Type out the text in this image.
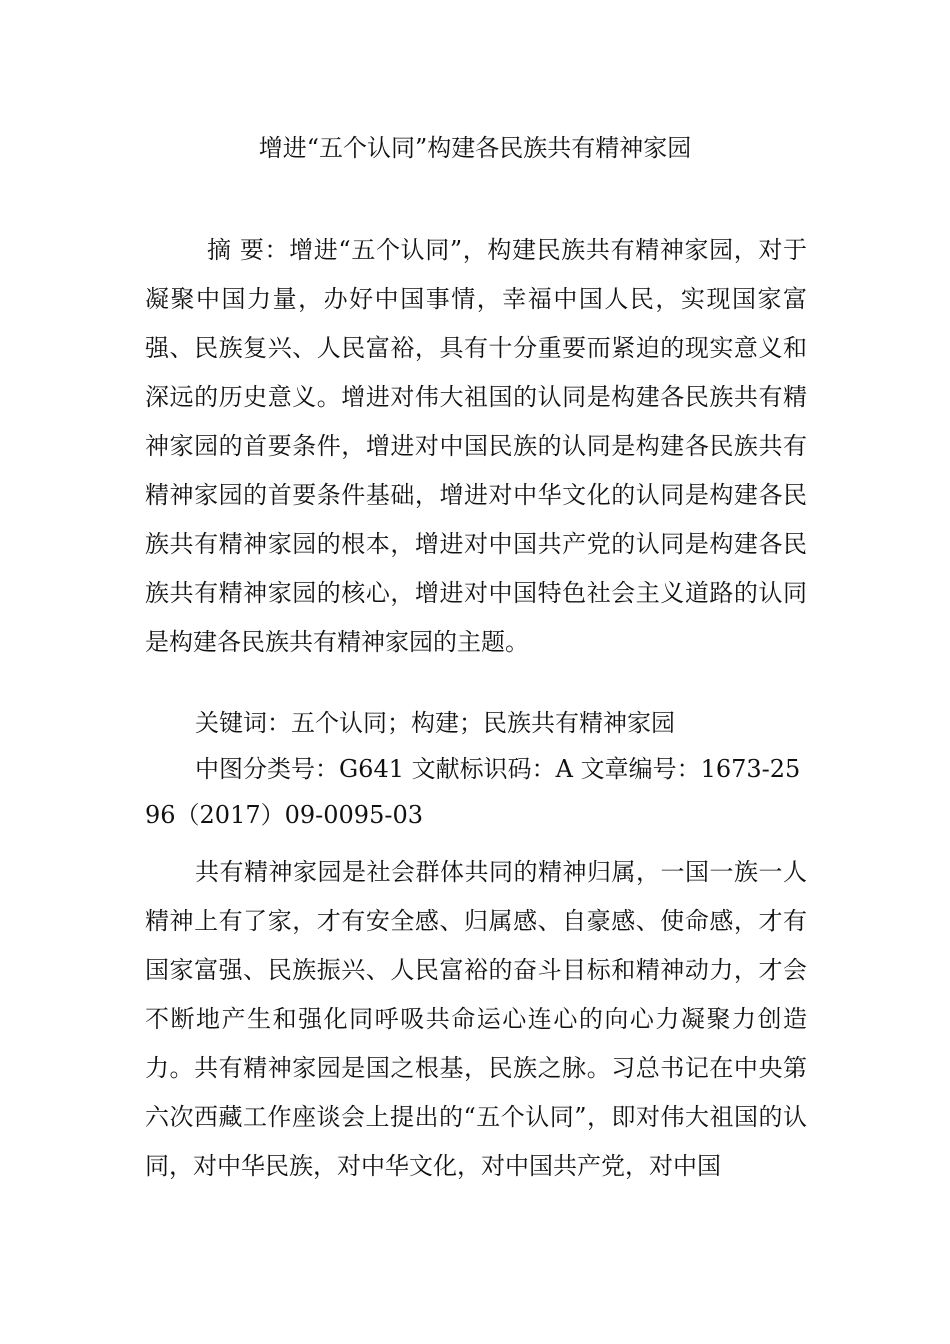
增进“五个认同”构建各民族共有精神家园
摘 要：增进“五个认同”，构建民族共有精神家园，对于凝聚中国力量，办好中国事情，幸福中国人民，实现国家富强、民族复兴、人民富裕，具有十分重要而紧迫的现实意义和深远的历史意义。增进对伟大祖国的认同是构建各民族共有精神家园的首要条件，增进对中国民族的认同是构建各民族共有精神家园的首要条件基础，增进对中华文化的认同是构建各民族共有精神家园的根本，增进对中国共产党的认同是构建各民族共有精神家园的核心，增进对中国特色社会主义道路的认同是构建各民族共有精神家园的主题。
关键词：五个认同；构建；民族共有精神家园
中图分类号：G641 文献标识码：A 文章编号：1673-2596（2017）09-0095-03
共有精神家园是社会群体共同的精神归属，一国一族一人精神上有了家，才有安全感、归属感、自豪感、使命感，才有国家富强、民族振兴、人民富裕的奋斗目标和精神动力，才会不断地产生和强化同呼吸共命运心连心的向心力凝聚力创造力。共有精神家园是国之根基，民族之脉。习总书记在中央第六次西藏工作座谈会上提出的“五个认同”，即对伟大祖国的认同，对中华民族，对中华文化，对中国共产党，对中国
